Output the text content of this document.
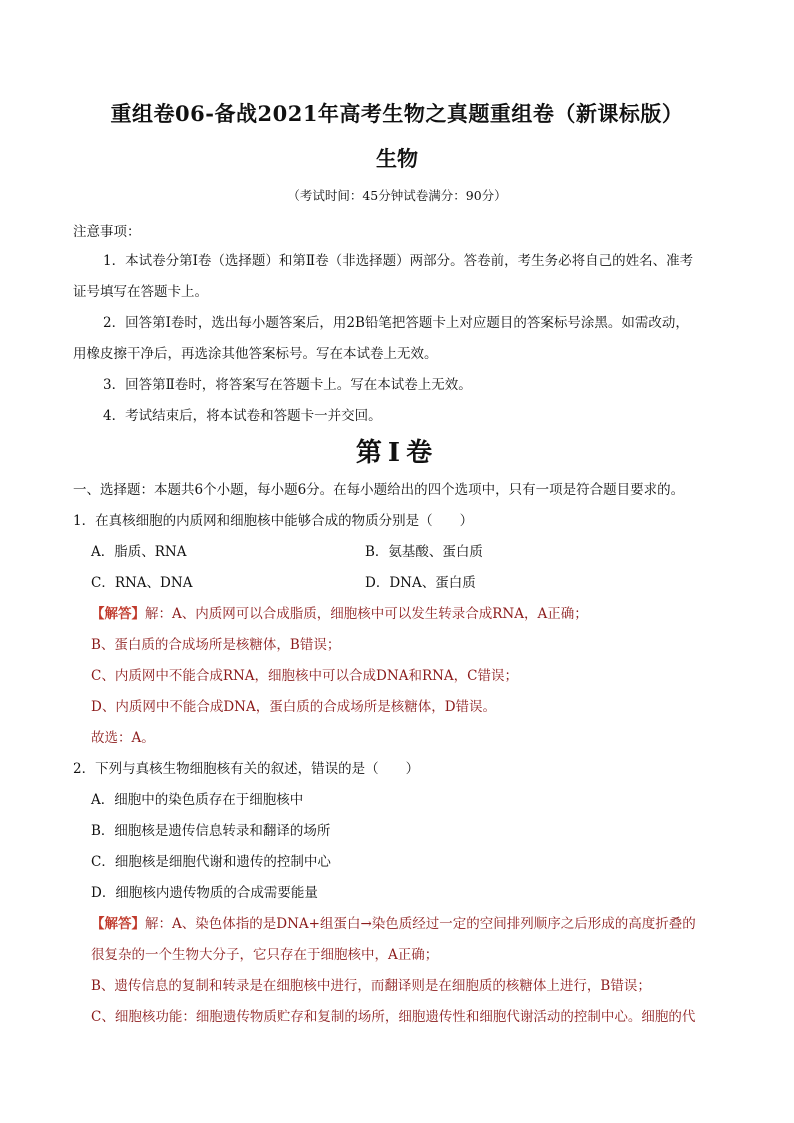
重组卷06-备战2021年高考生物之真题重组卷（新课标版）
生物
（考试时间：45分钟试卷满分：90分）
注意事项：
1．本试卷分第Ⅰ卷（选择题）和第Ⅱ卷（非选择题）两部分。答卷前，考生务必将自己的姓名、准考
证号填写在答题卡上。
2．回答第Ⅰ卷时，选出每小题答案后，用2B铅笔把答题卡上对应题目的答案标号涂黑。如需改动，
用橡皮擦干净后，再选涂其他答案标号。写在本试卷上无效。
3．回答第Ⅱ卷时，将答案写在答题卡上。写在本试卷上无效。
4．考试结束后，将本试卷和答题卡一并交回。
第Ⅰ卷
一、选择题：本题共6个小题，每小题6分。在每小题给出的四个选项中，只有一项是符合题目要求的。
1．在真核细胞的内质网和细胞核中能够合成的物质分别是（　　）
A．脂质、RNA	B．氨基酸、蛋白质
C．RNA、DNA	D．DNA、蛋白质
【解答】解：A、内质网可以合成脂质，细胞核中可以发生转录合成RNA，A正确；
B、蛋白质的合成场所是核糖体，B错误；
C、内质网中不能合成RNA，细胞核中可以合成DNA和RNA，C错误；
D、内质网中不能合成DNA，蛋白质的合成场所是核糖体，D错误。
故选：A。
2．下列与真核生物细胞核有关的叙述，错误的是（　　）
A．细胞中的染色质存在于细胞核中
B．细胞核是遗传信息转录和翻译的场所
C．细胞核是细胞代谢和遗传的控制中心
D．细胞核内遗传物质的合成需要能量
【解答】解：A、染色体指的是DNA+组蛋白→染色质经过一定的空间排列顺序之后形成的高度折叠的
很复杂的一个生物大分子，它只存在于细胞核中，A正确；
B、遗传信息的复制和转录是在细胞核中进行，而翻译则是在细胞质的核糖体上进行，B错误；
C、细胞核功能：细胞遗传物质贮存和复制的场所，细胞遗传性和细胞代谢活动的控制中心。细胞的代
